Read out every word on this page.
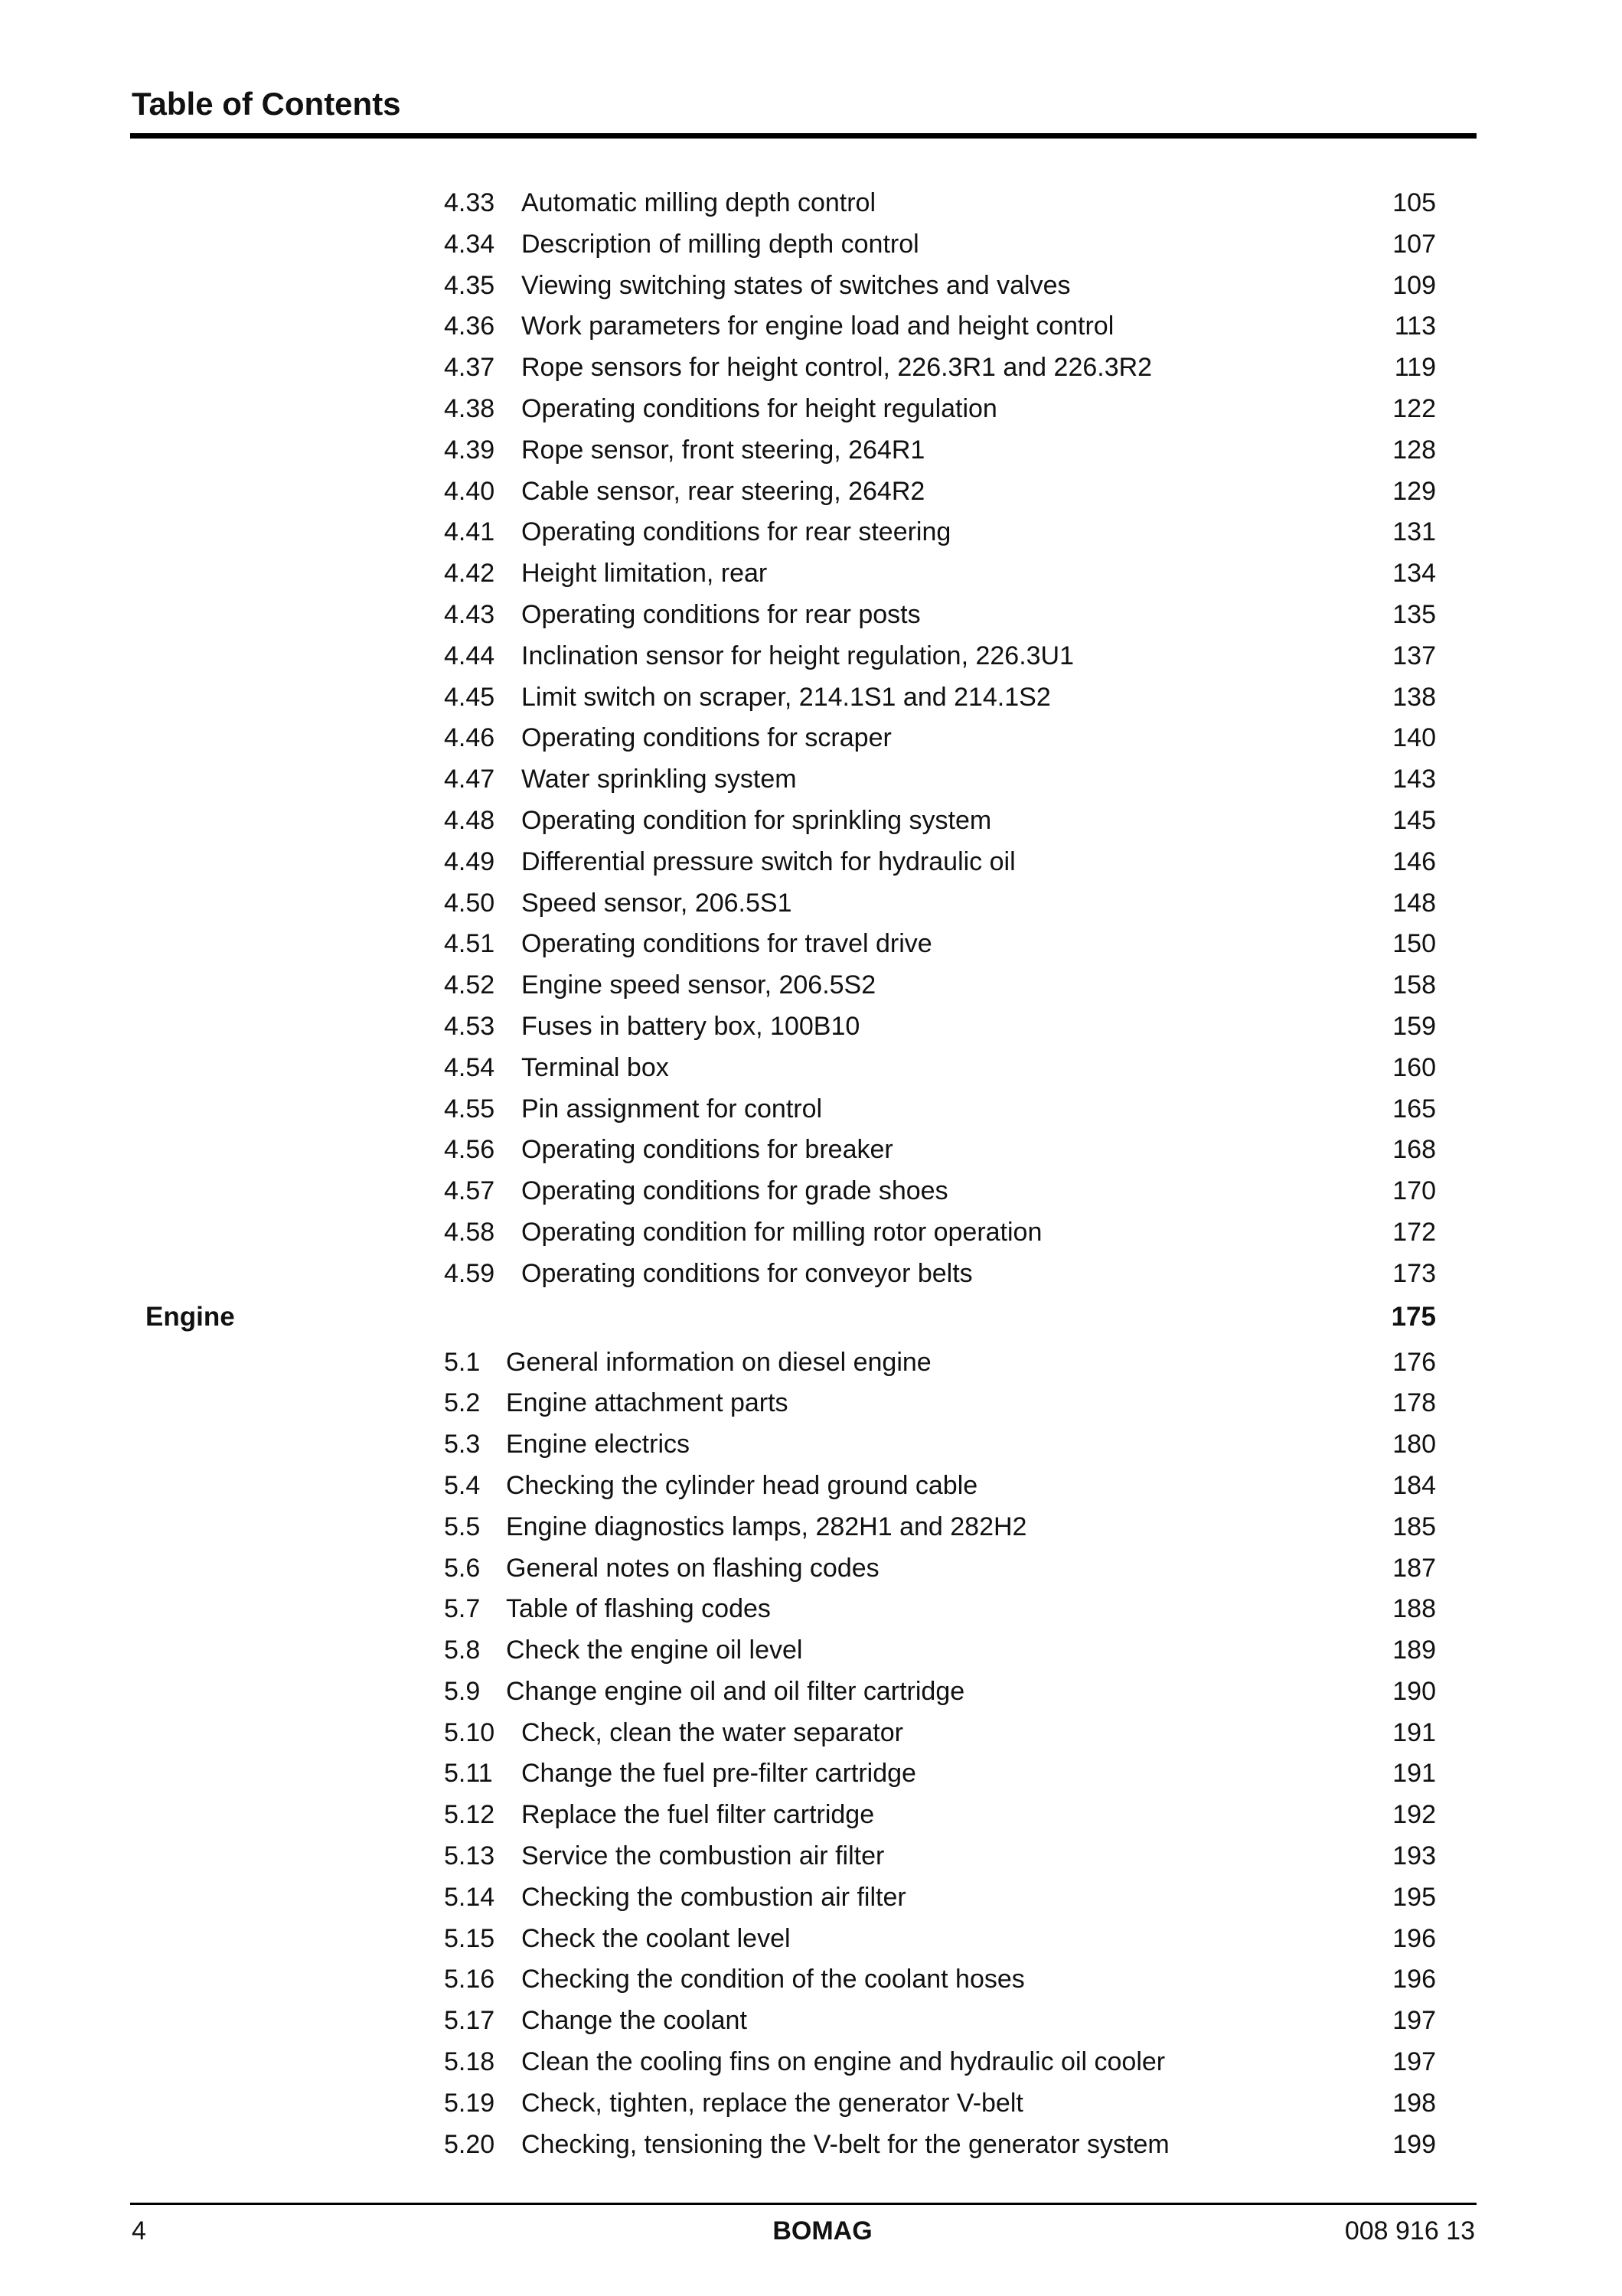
Table of Contents
4.33 Automatic milling depth control	105
4.34 Description of milling depth control	107
4.35 Viewing switching states of switches and valves	109
4.36 Work parameters for engine load and height control	113
4.37 Rope sensors for height control, 226.3R1 and 226.3R2	119
4.38 Operating conditions for height regulation	122
4.39 Rope sensor, front steering, 264R1	128
4.40 Cable sensor, rear steering, 264R2	129
4.41 Operating conditions for rear steering	131
4.42 Height limitation, rear	134
4.43 Operating conditions for rear posts	135
4.44 Inclination sensor for height regulation, 226.3U1	137
4.45 Limit switch on scraper, 214.1S1 and 214.1S2	138
4.46 Operating conditions for scraper	140
4.47 Water sprinkling system	143
4.48 Operating condition for sprinkling system	145
4.49 Differential pressure switch for hydraulic oil	146
4.50 Speed sensor, 206.5S1	148
4.51 Operating conditions for travel drive	150
4.52 Engine speed sensor, 206.5S2	158
4.53 Fuses in battery box, 100B10	159
4.54 Terminal box	160
4.55 Pin assignment for control	165
4.56 Operating conditions for breaker	168
4.57 Operating conditions for grade shoes	170
4.58 Operating condition for milling rotor operation	172
4.59 Operating conditions for conveyor belts	173
Engine	175
5.1 General information on diesel engine	176
5.2 Engine attachment parts	178
5.3 Engine electrics	180
5.4 Checking the cylinder head ground cable	184
5.5 Engine diagnostics lamps, 282H1 and 282H2	185
5.6 General notes on flashing codes	187
5.7 Table of flashing codes	188
5.8 Check the engine oil level	189
5.9 Change engine oil and oil filter cartridge	190
5.10 Check, clean the water separator	191
5.11 Change the fuel pre-filter cartridge	191
5.12 Replace the fuel filter cartridge	192
5.13 Service the combustion air filter	193
5.14 Checking the combustion air filter	195
5.15 Check the coolant level	196
5.16 Checking the condition of the coolant hoses	196
5.17 Change the coolant	197
5.18 Clean the cooling fins on engine and hydraulic oil cooler	197
5.19 Check, tighten, replace the generator V-belt	198
5.20 Checking, tensioning the V-belt for the generator system	199
4	BOMAG	008 916 13
